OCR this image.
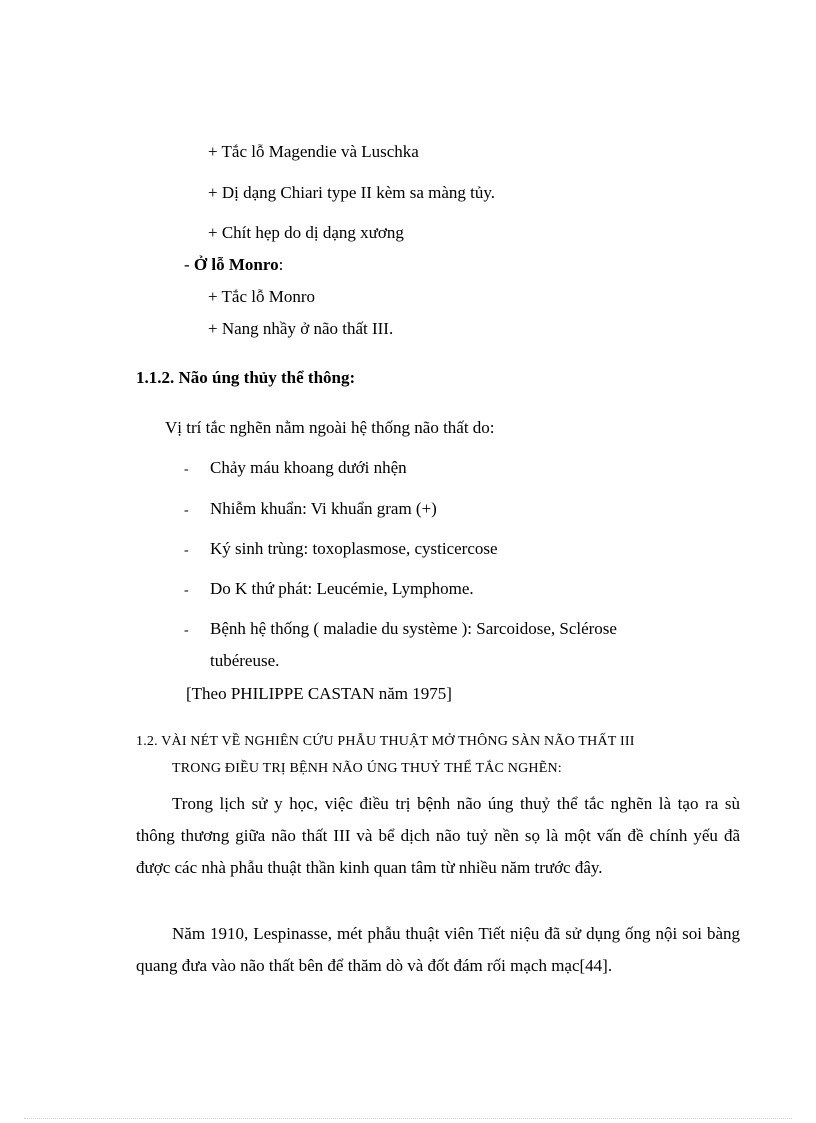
+ Tắc lỗ Magendie và Luschka
+ Dị dạng Chiari type II kèm sa màng tủy.
+ Chít hẹp do dị dạng xương
- Ở lỗ Monro:
+ Tắc lỗ Monro
+ Nang nhầy ở não thất III.
1.1.2. Não úng thủy thể thông:
Vị trí tắc nghẽn nằm ngoài hệ thống não thất do:
- Chảy máu khoang dưới nhện
- Nhiễm khuẩn: Vi khuẩn gram (+)
- Ký sinh trùng: toxoplasmose, cysticercose
- Do K thứ phát: Leucémie, Lymphome.
- Bệnh hệ thống ( maladie du système ): Sarcoidose, Sclérose
tubéreuse.
[Theo PHILIPPE CASTAN năm 1975]
1.2. VÀI NÉT VỀ NGHIÊN CỨU PHẪU THUẬT MỞ THÔNG SÀN NÃO THẤT III
TRONG ĐIỀU TRỊ BỆNH NÃO ÚNG THUỶ THỂ TẮC NGHẼN:

Trong lịch sử y học, việc điều trị bệnh não úng thuỷ thể tắc nghẽn là tạo ra sù thông thương giữa não thất III và bể dịch não tuỷ nền sọ là một vấn đề chính yếu đã được các nhà phẫu thuật thần kinh quan tâm từ nhiều năm trước đây.

Năm 1910, Lespinasse, mét phẫu thuật viên Tiết niệu đã sử dụng ống nội soi bàng quang đưa vào não thất bên để thăm dò và đốt đám rối mạch mạc[44].
